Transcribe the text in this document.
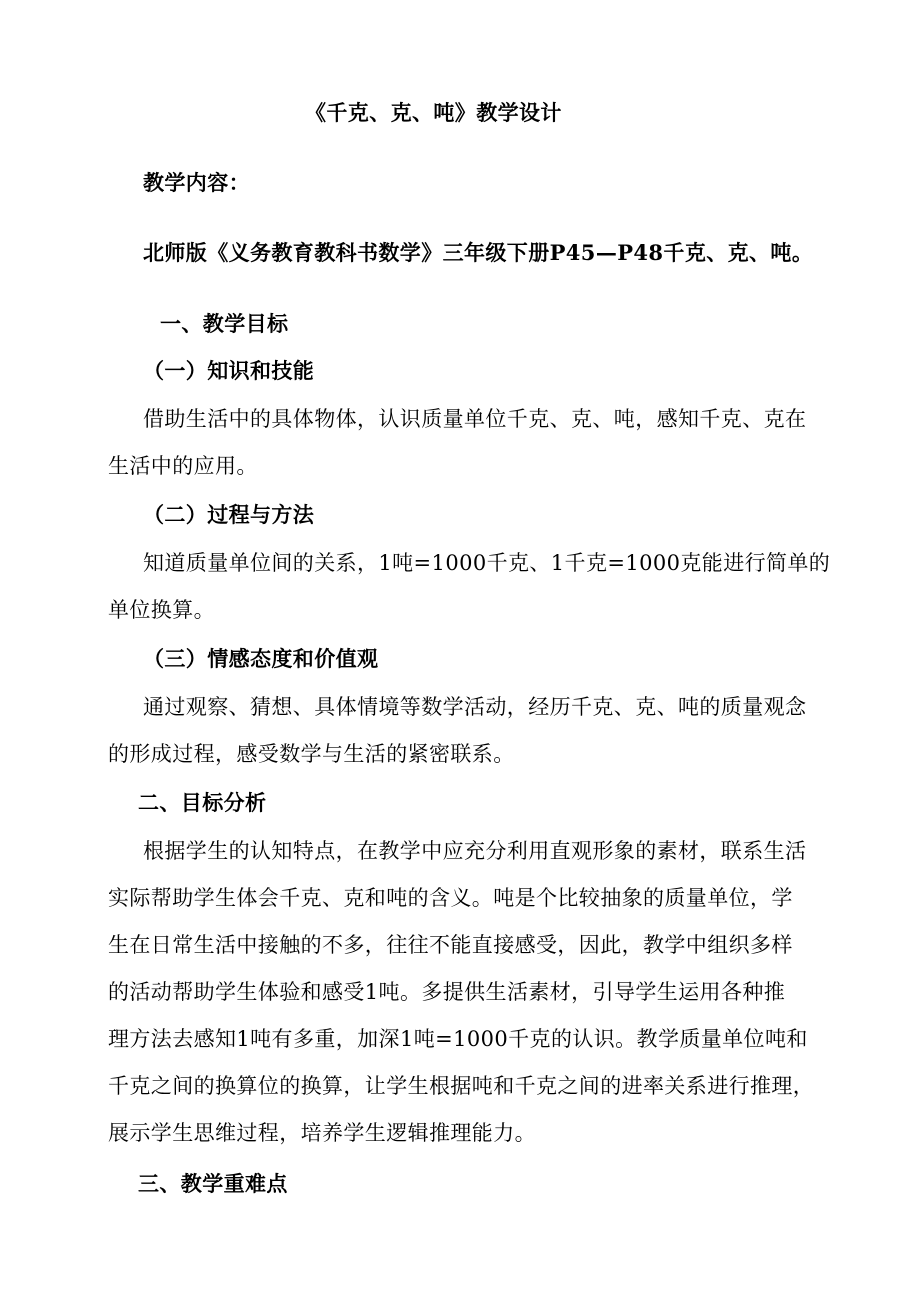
《千克、克、吨》教学设计
教学内容：
北师版《义务教育教科书数学》三年级下册P45—P48千克、克、吨。
一、教学目标
（一）知识和技能
借助生活中的具体物体，认识质量单位千克、克、吨，感知千克、克在
生活中的应用。
（二）过程与方法
知道质量单位间的关系，1吨=1000千克、1千克=1000克能进行简单的
单位换算。
（三）情感态度和价值观
通过观察、猜想、具体情境等数学活动，经历千克、克、吨的质量观念
的形成过程，感受数学与生活的紧密联系。
二、目标分析
根据学生的认知特点，在教学中应充分利用直观形象的素材，联系生活
实际帮助学生体会千克、克和吨的含义。吨是个比较抽象的质量单位，学
生在日常生活中接触的不多，往往不能直接感受，因此，教学中组织多样
的活动帮助学生体验和感受1吨。多提供生活素材，引导学生运用各种推
理方法去感知1吨有多重，加深1吨=1000千克的认识。教学质量单位吨和
千克之间的换算位的换算，让学生根据吨和千克之间的进率关系进行推理，
展示学生思维过程，培养学生逻辑推理能力。
三、教学重难点
